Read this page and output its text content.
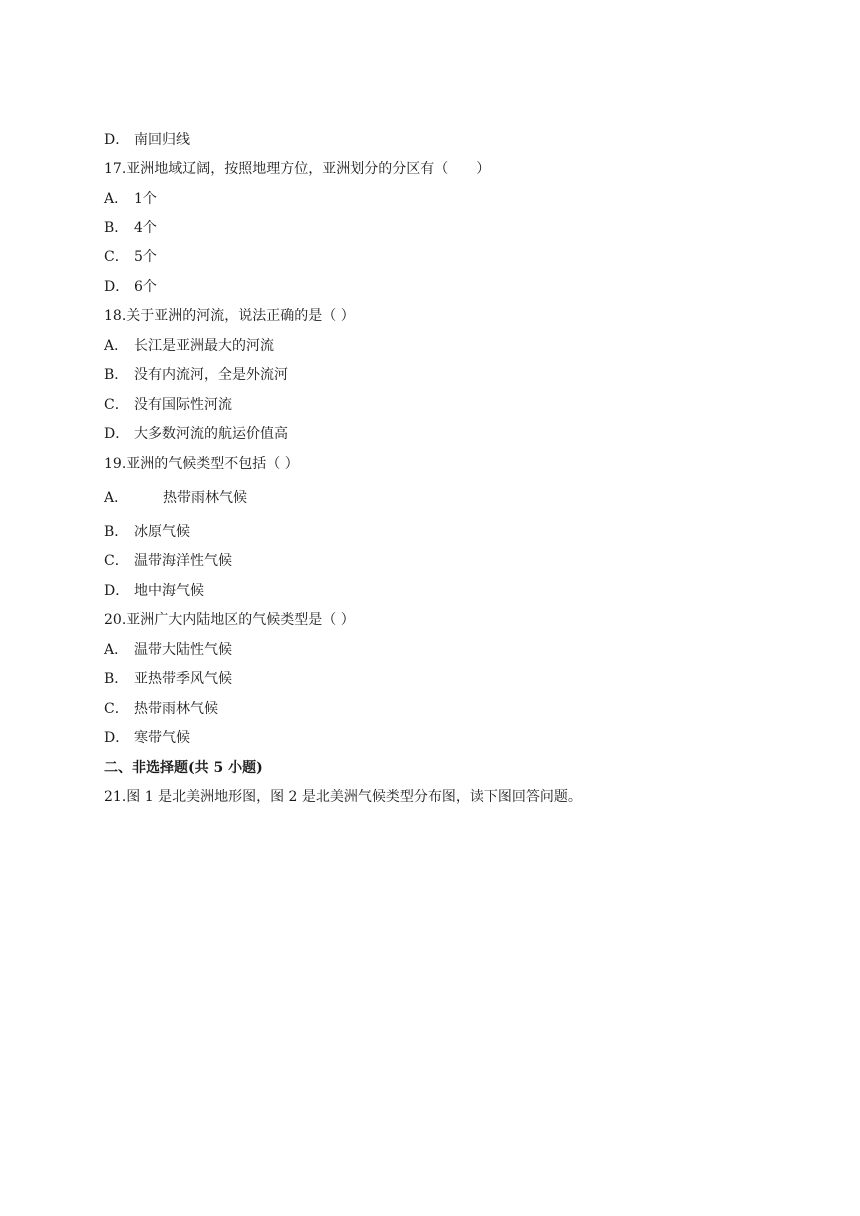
D． 南回归线
17.亚洲地域辽阔，按照地理方位，亚洲划分的分区有（　　）
A． 1个
B． 4个
C． 5个
D． 6个
18.关于亚洲的河流，说法正确的是（ ）
A． 长江是亚洲最大的河流
B． 没有内流河，全是外流河
C． 没有国际性河流
D． 大多数河流的航运价值高
19.亚洲的气候类型不包括（ ）
A． 热带雨林气候
B． 冰原气候
C． 温带海洋性气候
D． 地中海气候
20.亚洲广大内陆地区的气候类型是（ ）
A． 温带大陆性气候
B． 亚热带季风气候
C． 热带雨林气候
D． 寒带气候
二、非选择题(共 5 小题)
21.图 1 是北美洲地形图，图 2 是北美洲气候类型分布图，读下图回答问题。
